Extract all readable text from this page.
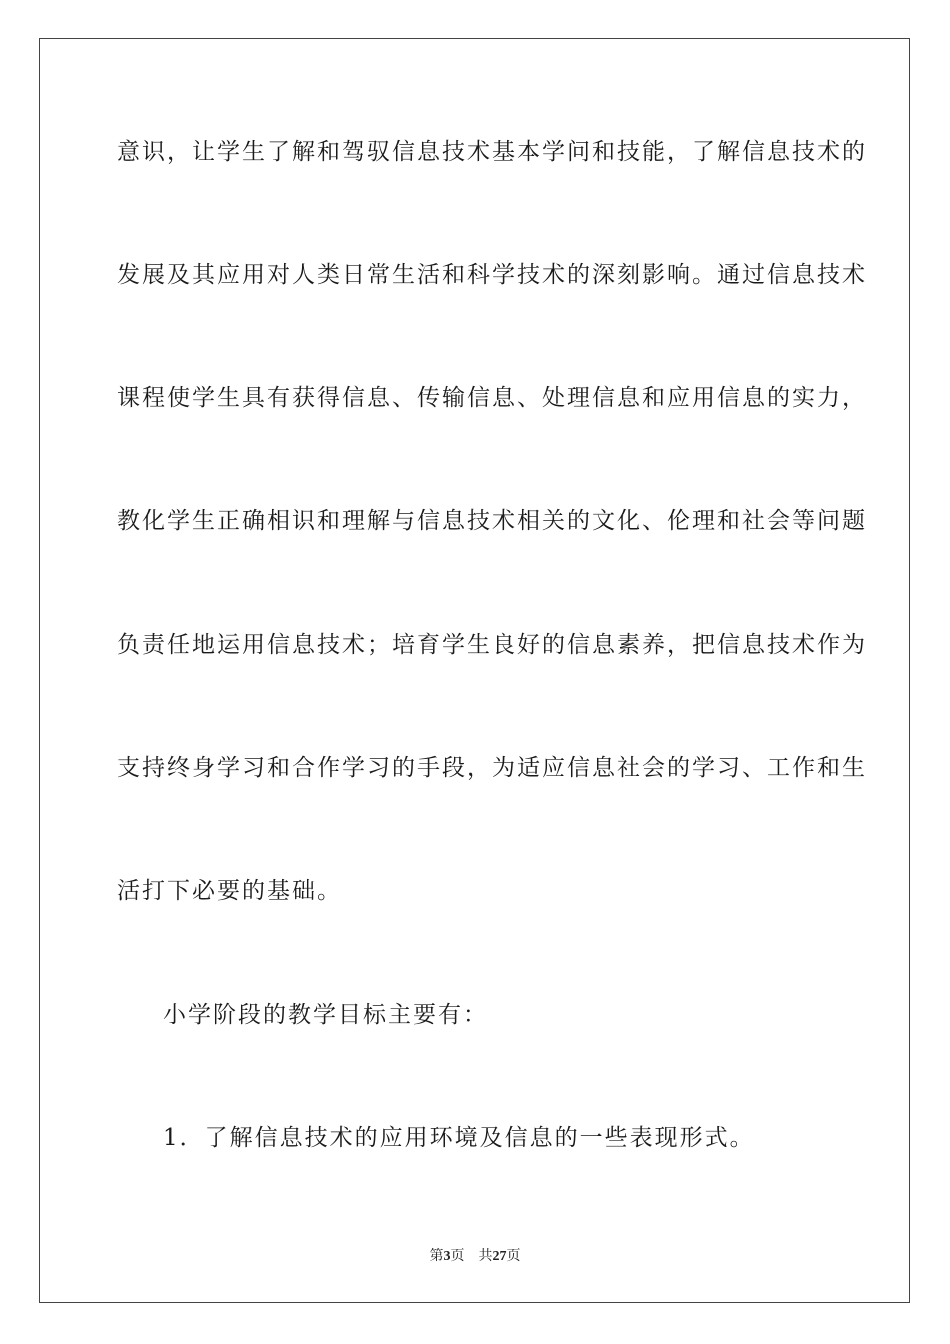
意识，让学生了解和驾驭信息技术基本学问和技能，了解信息技术的
发展及其应用对人类日常生活和科学技术的深刻影响。通过信息技术
课程使学生具有获得信息、传输信息、处理信息和应用信息的实力，
教化学生正确相识和理解与信息技术相关的文化、伦理和社会等问题
负责任地运用信息技术；培育学生良好的信息素养，把信息技术作为
支持终身学习和合作学习的手段，为适应信息社会的学习、工作和生
活打下必要的基础。
小学阶段的教学目标主要有：
1．了解信息技术的应用环境及信息的一些表现形式。
第3页 共27页
